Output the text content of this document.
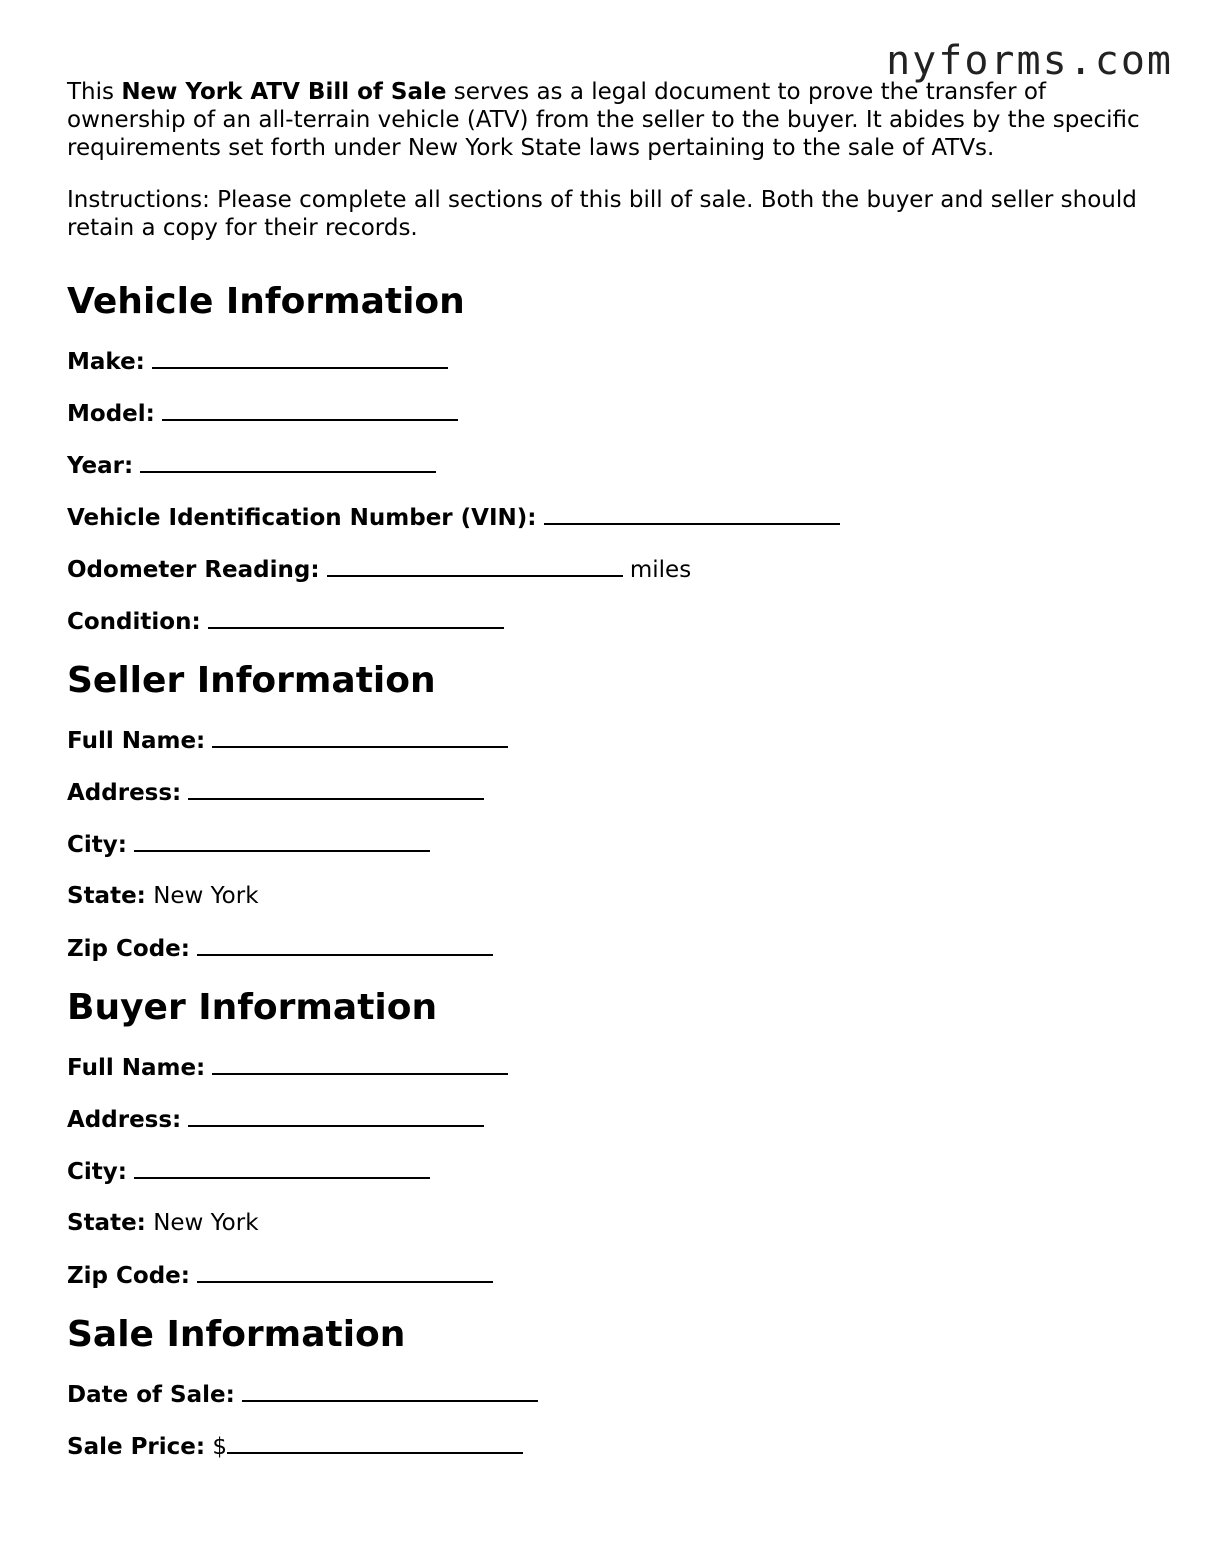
nyforms.com

This New York ATV Bill of Sale serves as a legal document to prove the transfer of ownership of an all-terrain vehicle (ATV) from the seller to the buyer. It abides by the specific requirements set forth under New York State laws pertaining to the sale of ATVs.

Instructions: Please complete all sections of this bill of sale. Both the buyer and seller should retain a copy for their records.

Vehicle Information
Make:
Model:
Year:
Vehicle Identification Number (VIN):
Odometer Reading:	miles
Condition:
Seller Information
Full Name:
Address:
City:
State: New York
Zip Code:
Buyer Information
Full Name:
Address:
City:
State: New York
Zip Code:
Sale Information
Date of Sale:
Sale Price: $
